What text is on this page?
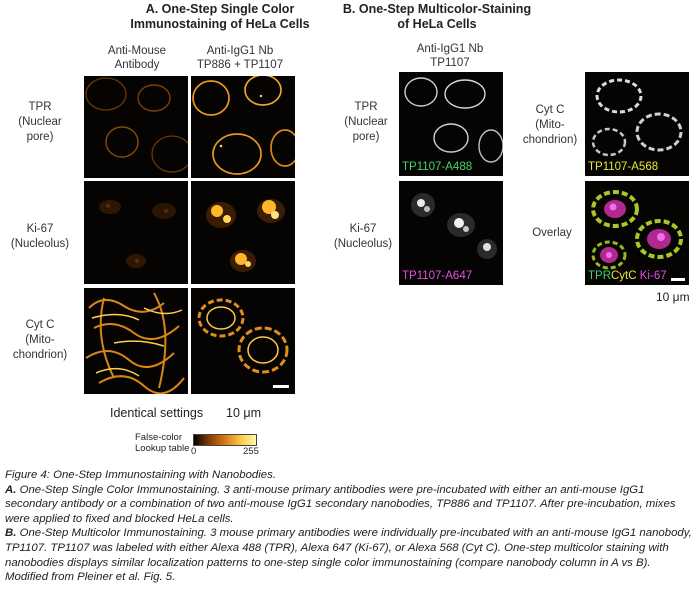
A. One-Step Single Color
Immunostaining of HeLa Cells
Anti-Mouse
Antibody
Anti-IgG1 Nb
TP886 + TP1107
TPR
(Nuclear
pore)
Ki-67
(Nucleolus)
Cyt C
(Mito-
chondrion)
Identical settings 10 μm
False-color
Lookup table 0	255
B. One-Step Multicolor-Staining
of HeLa Cells
Anti-IgG1 Nb
TP1107
TPR
(Nuclear
pore)
Ki-67
(Nucleolus)
Cyt C
(Mito-
chondrion)
Overlay
TP1107-A488
TP1107-A647
TP1107-A568
TPRCytC Ki-67
10 μm
Figure 4: One-Step Immunostaining with Nanobodies.
A. One-Step Single Color Immunostaining. 3 anti-mouse primary antibodies were pre-incubated with either an anti-mouse IgG1 secondary antibody or a combination of two anti-mouse IgG1 secondary nanobodies, TP886 and TP1107. After pre-incubation, mixes were applied to fixed and blocked HeLa cells.
B. One-Step Multicolor Immunostaining. 3 mouse primary antibodies were individually pre-incubated with an anti-mouse IgG1 nanobody, TP1107. TP1107 was labeled with either Alexa 488 (TPR), Alexa 647 (Ki-67), or Alexa 568 (Cyt C). One-step multicolor staining with nanobodies displays similar localization patterns to one-step single color immunostaining (compare nanobody column in A vs B). Modified from Pleiner et al. Fig. 5.
